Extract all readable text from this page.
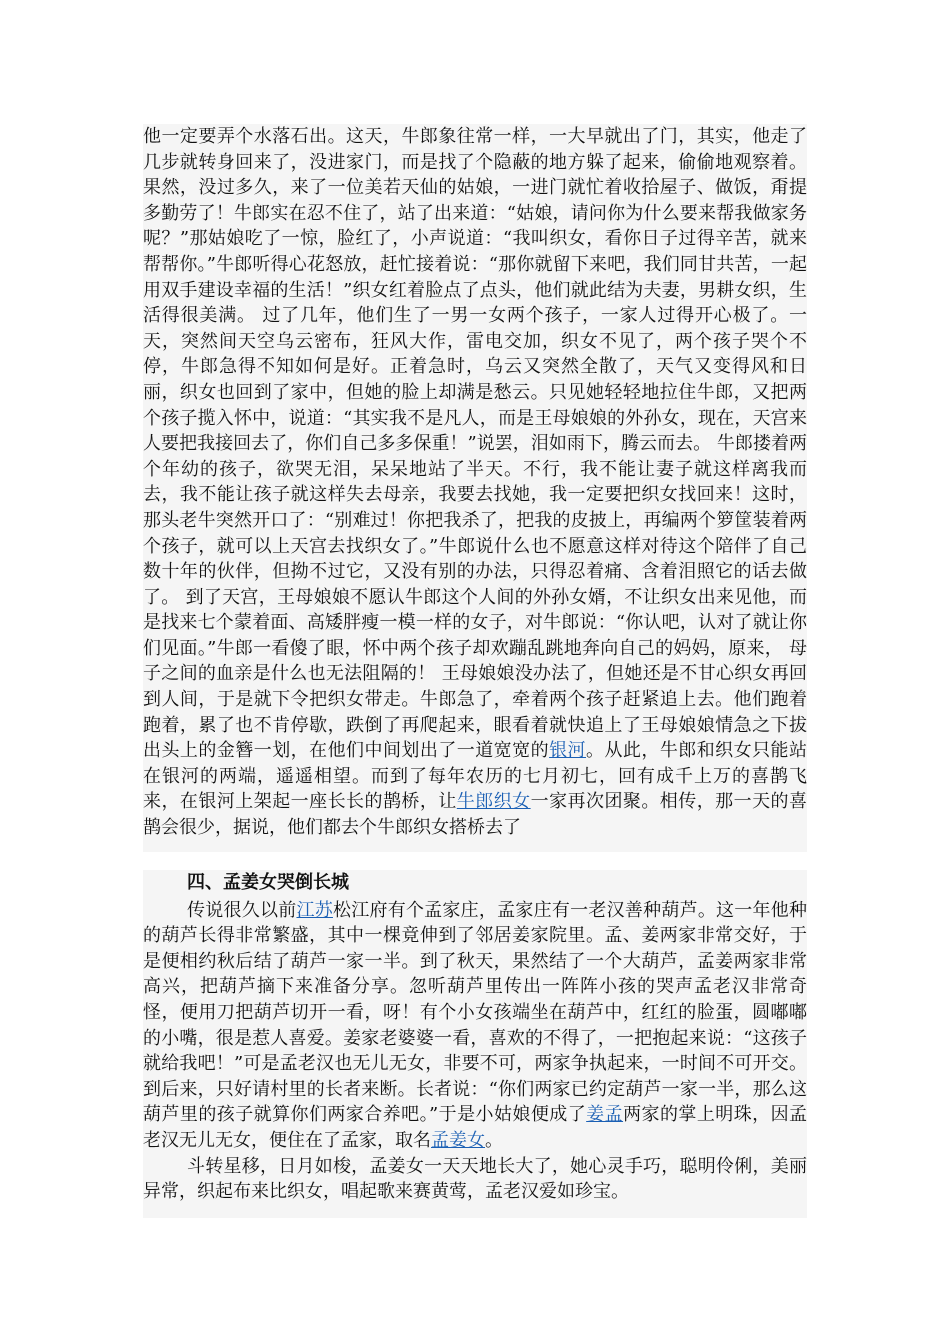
他一定要弄个水落石出。这天，牛郎象往常一样，一大早就出了门，其实，他走了几步就转身回来了，没进家门，而是找了个隐蔽的地方躲了起来，偷偷地观察着。果然，没过多久，来了一位美若天仙的姑娘，一进门就忙着收拾屋子、做饭，甭提多勤劳了！牛郎实在忍不住了，站了出来道：“姑娘，请问你为什么要来帮我做家务呢？”那姑娘吃了一惊，脸红了，小声说道：“我叫织女，看你日子过得辛苦，就来帮帮你。”牛郎听得心花怒放，赶忙接着说：“那你就留下来吧，我们同甘共苦，一起用双手建设幸福的生活！”织女红着脸点了点头，他们就此结为夫妻，男耕女织，生活得很美满。 过了几年，他们生了一男一女两个孩子，一家人过得开心极了。一天，突然间天空乌云密布，狂风大作，雷电交加，织女不见了，两个孩子哭个不停，牛郎急得不知如何是好。正着急时，乌云又突然全散了，天气又变得风和日丽，织女也回到了家中，但她的脸上却满是愁云。只见她轻轻地拉住牛郎，又把两个孩子揽入怀中，说道：“其实我不是凡人，而是王母娘娘的外孙女，现在，天宫来人要把我接回去了，你们自己多多保重！”说罢，泪如雨下，腾云而去。 牛郎搂着两个年幼的孩子，欲哭无泪，呆呆地站了半天。不行，我不能让妻子就这样离我而去，我不能让孩子就这样失去母亲，我要去找她，我一定要把织女找回来！这时，那头老牛突然开口了：“别难过！你把我杀了，把我的皮披上，再编两个箩筐装着两个孩子，就可以上天宫去找织女了。”牛郎说什么也不愿意这样对待这个陪伴了自己数十年的伙伴，但拗不过它，又没有别的办法，只得忍着痛、含着泪照它的话去做了。 到了天宫，王母娘娘不愿认牛郎这个人间的外孙女婿，不让织女出来见他，而是找来七个蒙着面、高矮胖瘦一模一样的女子，对牛郎说：“你认吧，认对了就让你们见面。”牛郎一看傻了眼，怀中两个孩子却欢蹦乱跳地奔向自己的妈妈，原来， 母子之间的血亲是什么也无法阻隔的！ 王母娘娘没办法了，但她还是不甘心织女再回到人间，于是就下令把织女带走。牛郎急了，牵着两个孩子赶紧追上去。他们跑着跑着，累了也不肯停歇，跌倒了再爬起来，眼看着就快追上了王母娘娘情急之下拔出头上的金簪一划，在他们中间划出了一道宽宽的银河。从此，牛郎和织女只能站在银河的两端，遥遥相望。而到了每年农历的七月初七，回有成千上万的喜鹊飞来，在银河上架起一座长长的鹊桥，让牛郎织女一家再次团聚。相传，那一天的喜鹊会很少，据说，他们都去个牛郎织女搭桥去了

四、孟姜女哭倒长城

传说很久以前江苏松江府有个孟家庄，孟家庄有一老汉善种葫芦。这一年他种的葫芦长得非常繁盛，其中一棵竟伸到了邻居姜家院里。孟、姜两家非常交好，于是便相约秋后结了葫芦一家一半。到了秋天，果然结了一个大葫芦，孟姜两家非常高兴，把葫芦摘下来准备分享。忽听葫芦里传出一阵阵小孩的哭声孟老汉非常奇怪，便用刀把葫芦切开一看，呀！有个小女孩端坐在葫芦中，红红的脸蛋，圆嘟嘟的小嘴，很是惹人喜爱。姜家老婆婆一看，喜欢的不得了，一把抱起来说：“这孩子就给我吧！”可是孟老汉也无儿无女，非要不可，两家争执起来，一时间不可开交。到后来，只好请村里的长者来断。长者说：“你们两家已约定葫芦一家一半，那么这葫芦里的孩子就算你们两家合养吧。”于是小姑娘便成了姜孟两家的掌上明珠，因孟老汉无儿无女，便住在了孟家，取名孟姜女。

斗转星移，日月如梭，孟姜女一天天地长大了，她心灵手巧，聪明伶俐，美丽异常，织起布来比织女，唱起歌来赛黄莺，孟老汉爱如珍宝。
